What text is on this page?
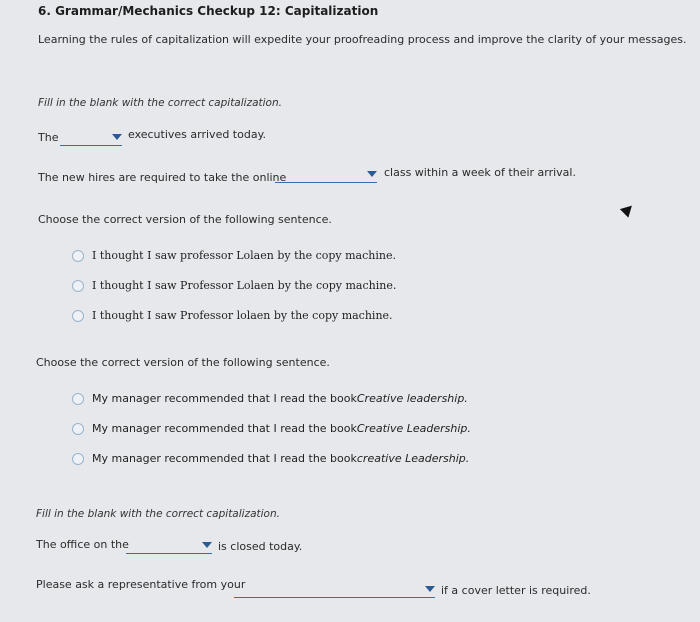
6. Grammar/Mechanics Checkup 12: Capitalization
Learning the rules of capitalization will expedite your proofreading process and improve the clarity of your messages.
Fill in the blank with the correct capitalization.
The	executives arrived today.
The new hires are required to take the online	class within a week of their arrival.
Choose the correct version of the following sentence.
I thought I saw professor Lolaen by the copy machine.
I thought I saw Professor Lolaen by the copy machine.
I thought I saw Professor lolaen by the copy machine.
Choose the correct version of the following sentence.
My manager recommended that I read the book Creative leadership.
My manager recommended that I read the book Creative Leadership.
My manager recommended that I read the book creative Leadership.
Fill in the blank with the correct capitalization.
The office on the	is closed today.
Please ask a representative from your	if a cover letter is required.
